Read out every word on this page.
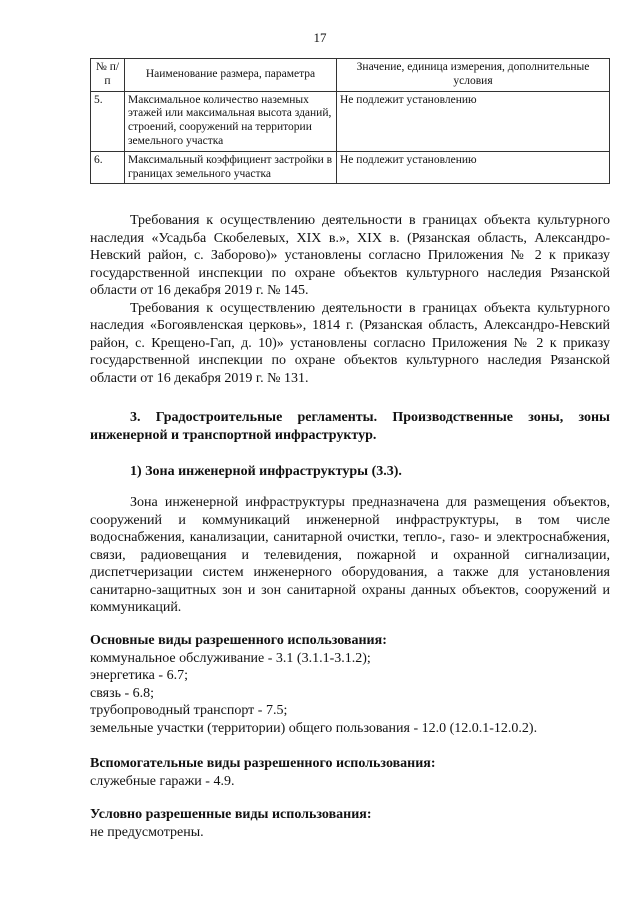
17
№ п/п	Наименование размера, параметра	Значение, единица измерения, дополнительные условия
5.	Максимальное количество наземных этажей или максимальная высота зданий, строений, сооружений на территории земельного участка	Не подлежит установлению
6.	Максимальный коэффициент застройки в границах земельного участка	Не подлежит установлению

Требования к осуществлению деятельности в границах объекта культурного наследия «Усадьба Скобелевых, XIX в.», XIX в. (Рязанская область, Александро-Невский район, с. Заборово)» установлены согласно Приложения № 2 к приказу государственной инспекции по охране объектов культурного наследия Рязанской области от 16 декабря 2019 г. № 145.

Требования к осуществлению деятельности в границах объекта культурного наследия «Богоявленская церковь», 1814 г. (Рязанская область, Александро-Невский район, с. Крещено-Гап, д. 10)» установлены согласно Приложения № 2 к приказу государственной инспекции по охране объектов культурного наследия Рязанской области от 16 декабря 2019 г. № 131.

3. Градостроительные регламенты. Производственные зоны, зоны инженерной и транспортной инфраструктур.

1) Зона инженерной инфраструктуры (3.3).

Зона инженерной инфраструктуры предназначена для размещения объектов, сооружений и коммуникаций инженерной инфраструктуры, в том числе водоснабжения, канализации, санитарной очистки, тепло-, газо- и электроснабжения, связи, радиовещания и телевидения, пожарной и охранной сигнализации, диспетчеризации систем инженерного оборудования, а также для установления санитарно-защитных зон и зон санитарной охраны данных объектов, сооружений и коммуникаций.

Основные виды разрешенного использования:

коммунальное обслуживание - 3.1 (3.1.1-3.1.2);

энергетика - 6.7;

связь - 6.8;

трубопроводный транспорт - 7.5;

земельные участки (территории) общего пользования - 12.0 (12.0.1-12.0.2).

Вспомогательные виды разрешенного использования:

служебные гаражи - 4.9.

Условно разрешенные виды использования:

не предусмотрены.
